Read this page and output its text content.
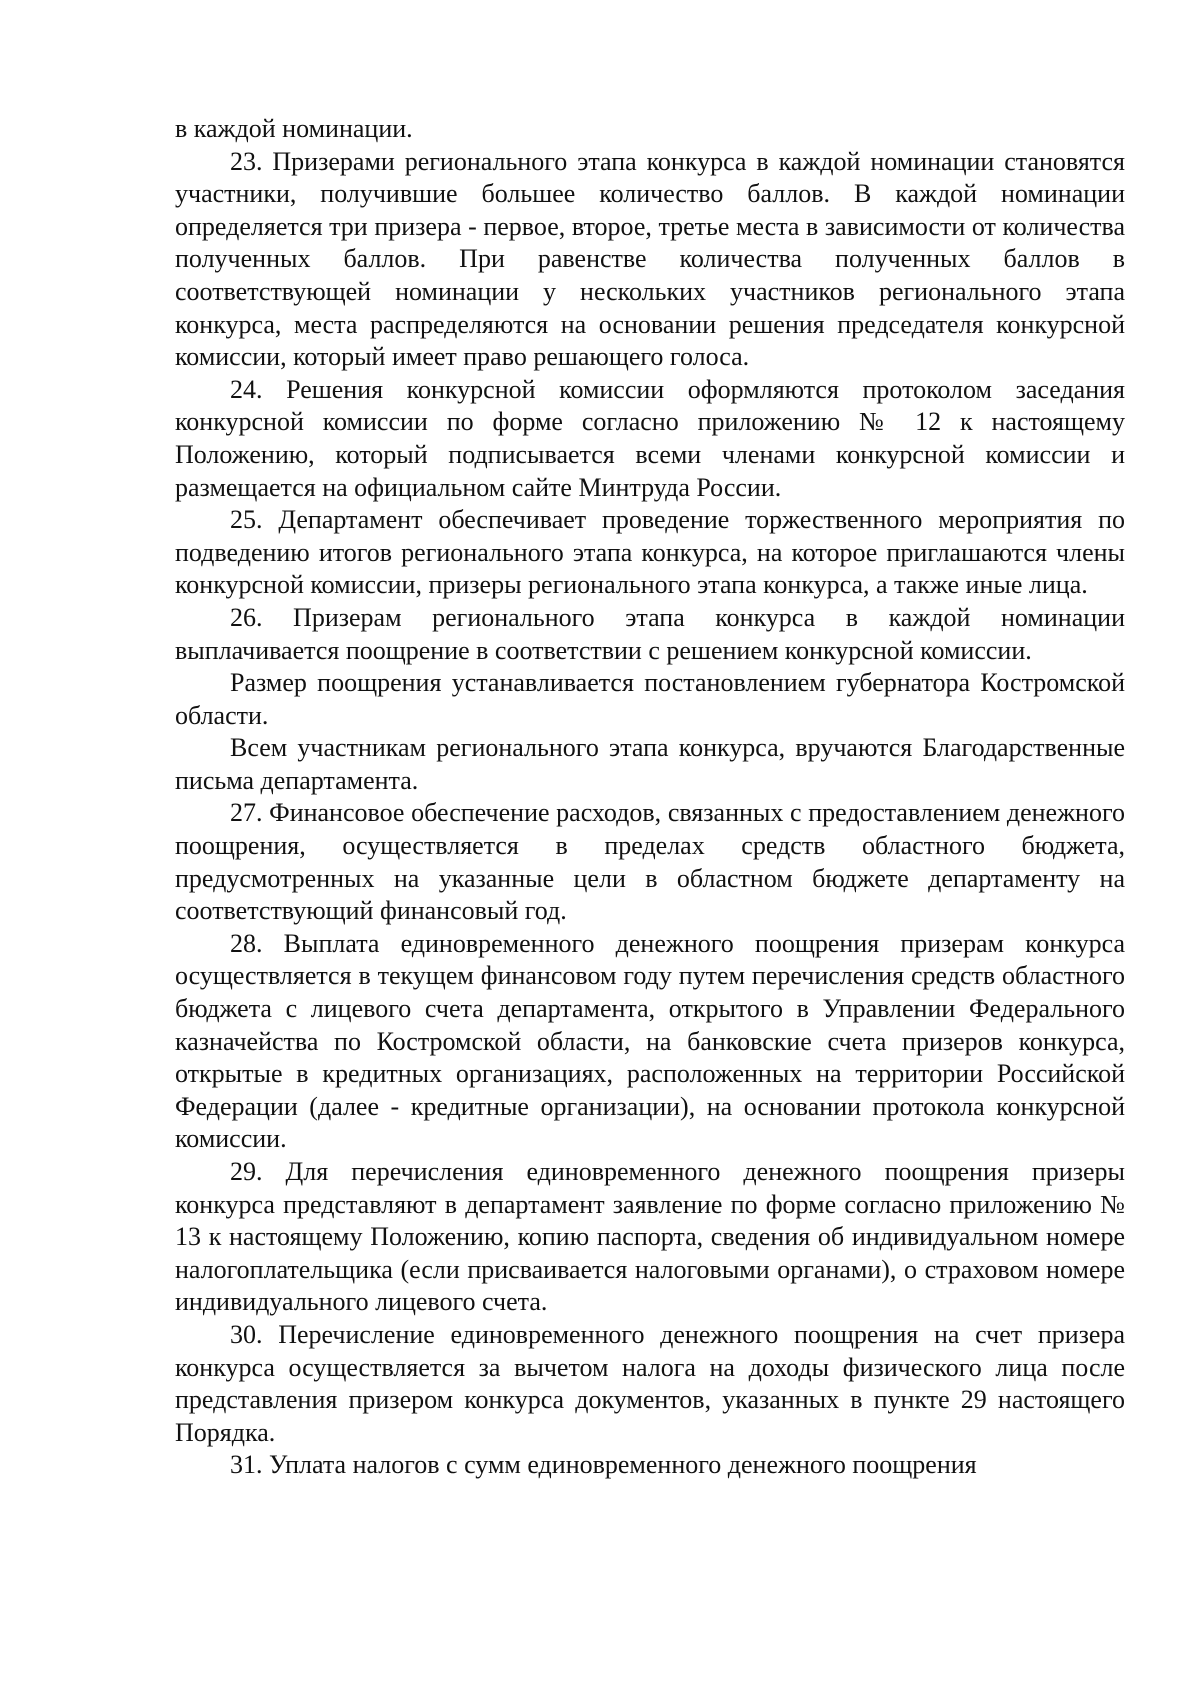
в каждой номинации.

23. Призерами регионального этапа конкурса в каждой номинации становятся участники, получившие большее количество баллов. В каждой номинации определяется три призера - первое, второе, третье места в зависимости от количества полученных баллов. При равенстве количества полученных баллов в соответствующей номинации у нескольких участников регионального этапа конкурса, места распределяются на основании решения председателя конкурсной комиссии, который имеет право решающего голоса.

24. Решения конкурсной комиссии оформляются протоколом заседания конкурсной комиссии по форме согласно приложению № 12 к настоящему Положению, который подписывается всеми членами конкурсной комиссии и размещается на официальном сайте Минтруда России.

25. Департамент обеспечивает проведение торжественного мероприятия по подведению итогов регионального этапа конкурса, на которое приглашаются члены конкурсной комиссии, призеры регионального этапа конкурса, а также иные лица.

26. Призерам регионального этапа конкурса в каждой номинации выплачивается поощрение в соответствии с решением конкурсной комиссии.

Размер поощрения устанавливается постановлением губернатора Костромской области.

Всем участникам регионального этапа конкурса, вручаются Благодарственные письма департамента.

27. Финансовое обеспечение расходов, связанных с предоставлением денежного поощрения, осуществляется в пределах средств областного бюджета, предусмотренных на указанные цели в областном бюджете департаменту на соответствующий финансовый год.

28. Выплата единовременного денежного поощрения призерам конкурса осуществляется в текущем финансовом году путем перечисления средств областного бюджета с лицевого счета департамента, открытого в Управлении Федерального казначейства по Костромской области, на банковские счета призеров конкурса, открытые в кредитных организациях, расположенных на территории Российской Федерации (далее - кредитные организации), на основании протокола конкурсной комиссии.

29. Для перечисления единовременного денежного поощрения призеры конкурса представляют в департамент заявление по форме согласно приложению № 13 к настоящему Положению, копию паспорта, сведения об индивидуальном номере налогоплательщика (если присваивается налоговыми органами), о страховом номере индивидуального лицевого счета.

30. Перечисление единовременного денежного поощрения на счет призера конкурса осуществляется за вычетом налога на доходы физического лица после представления призером конкурса документов, указанных в пункте 29 настоящего Порядка.

31. Уплата налогов с сумм единовременного денежного поощрения
